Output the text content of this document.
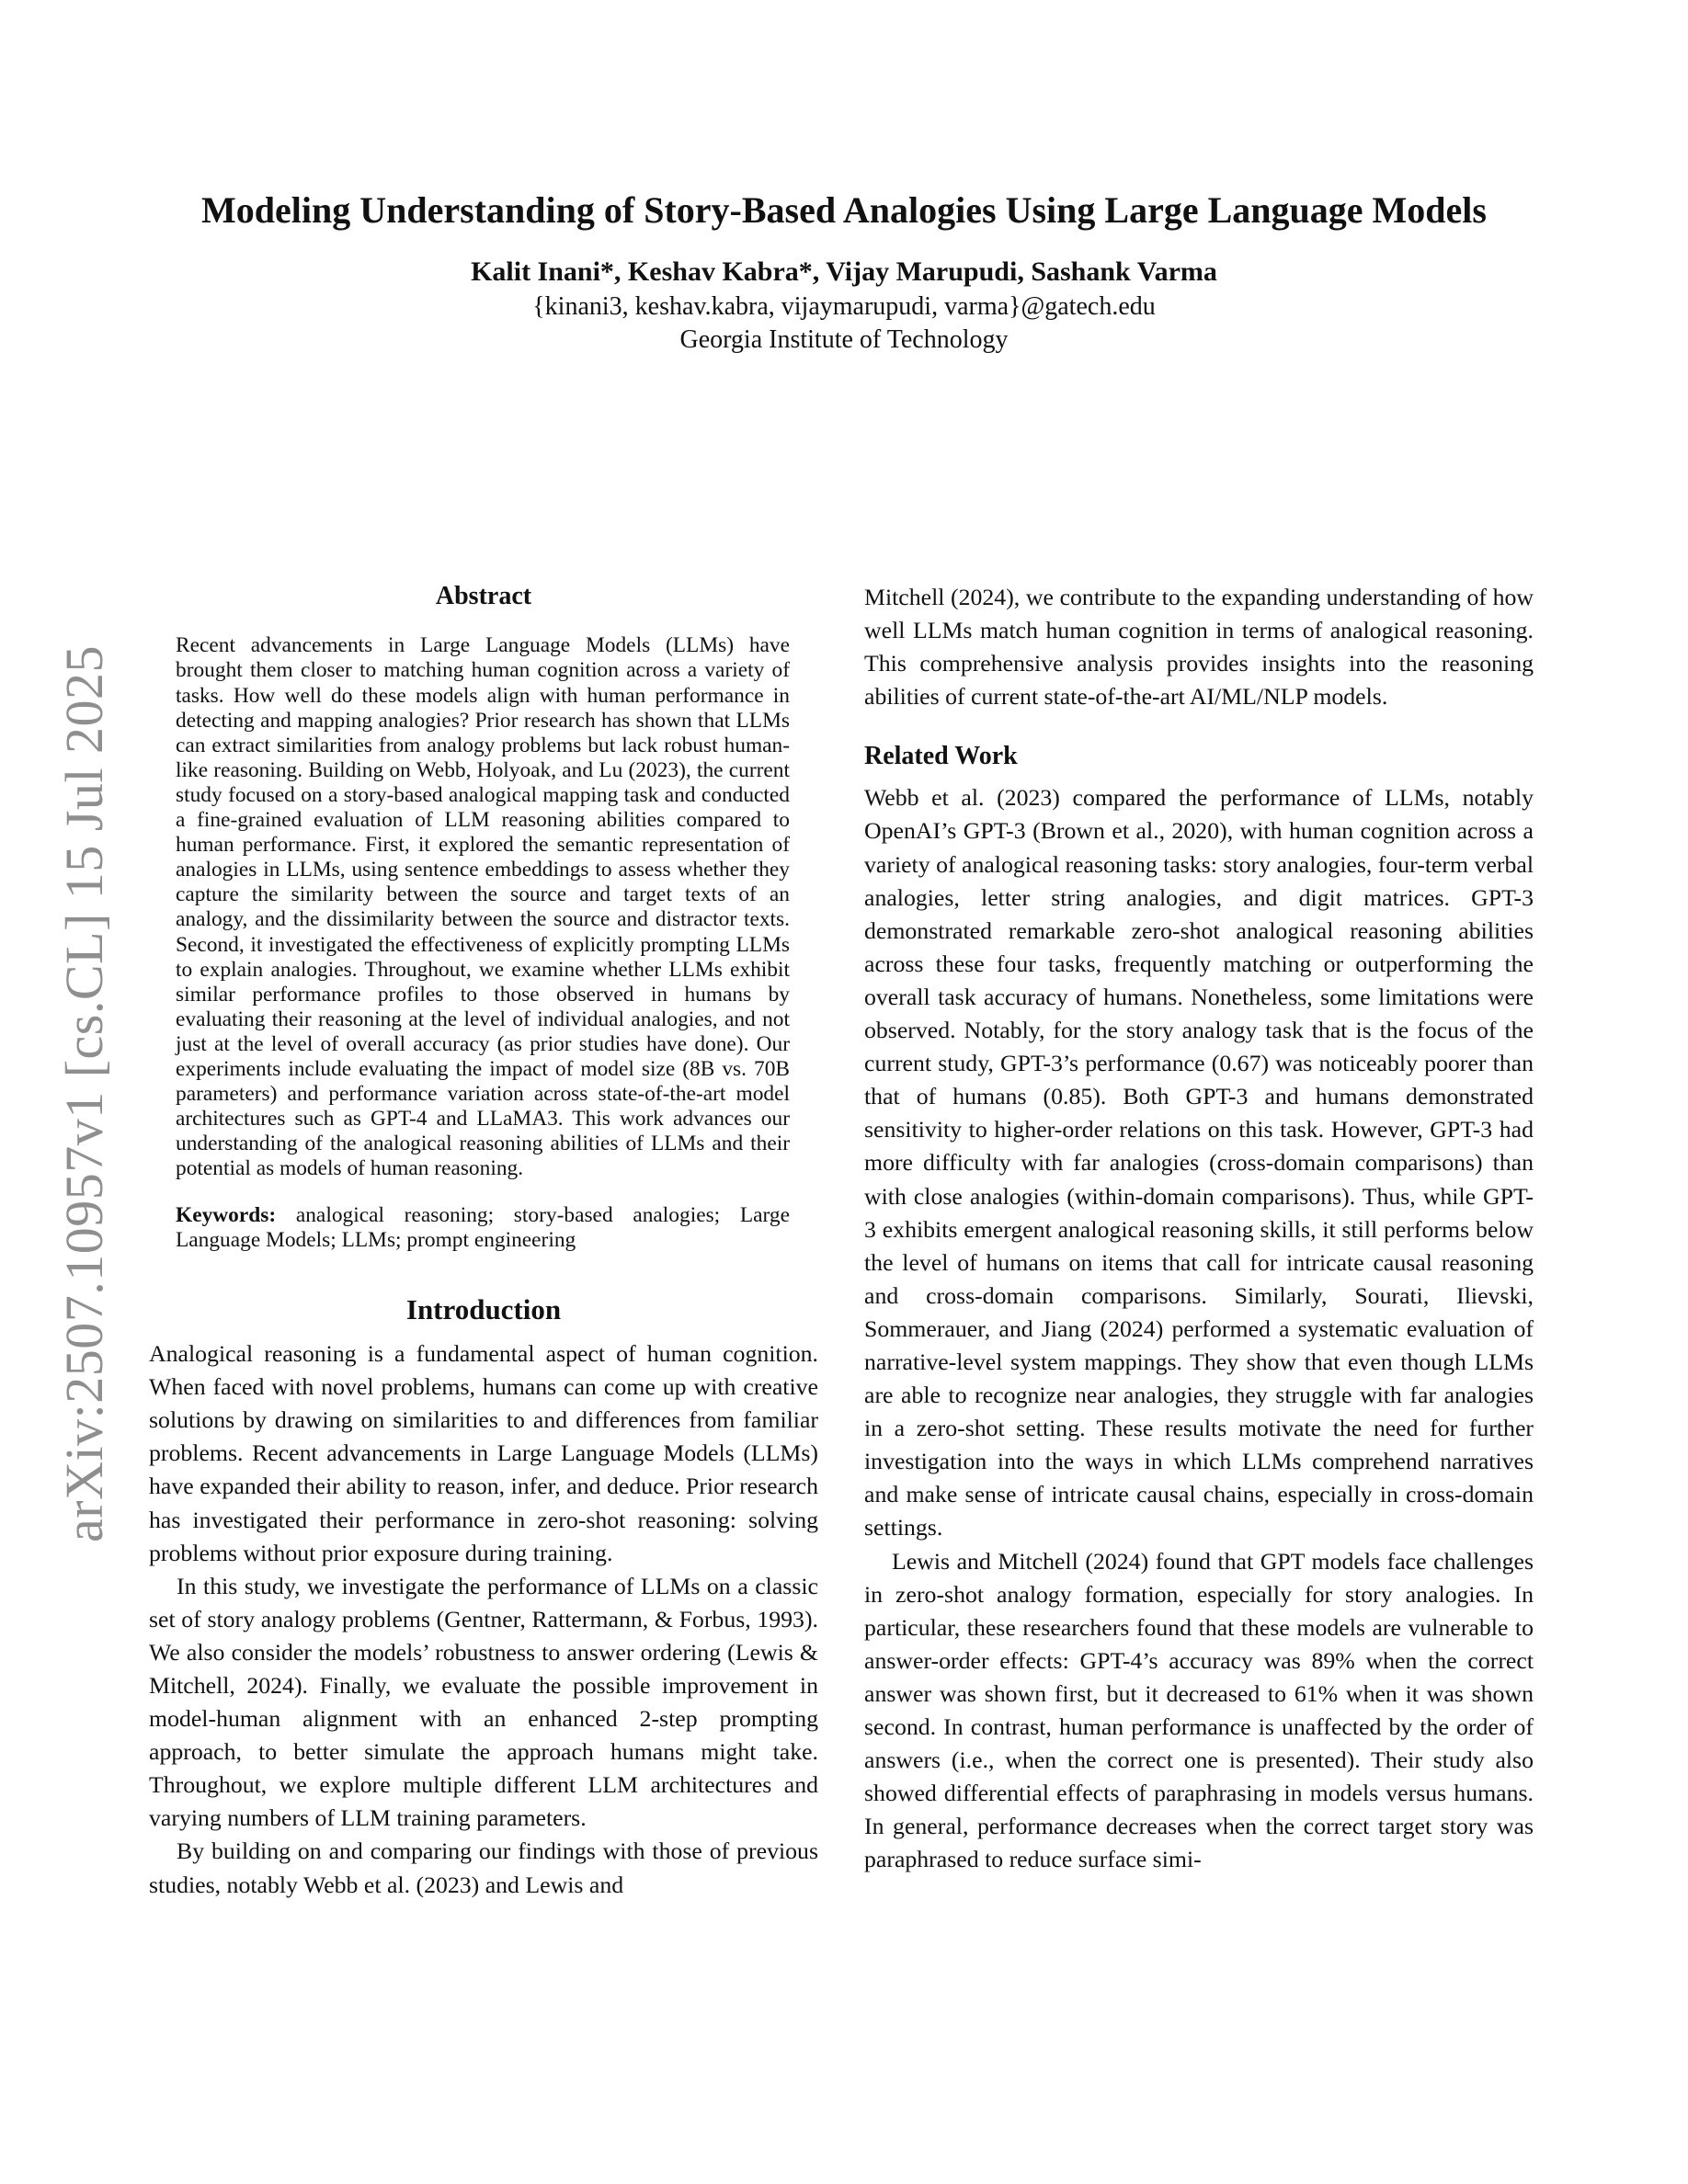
arXiv:2507.10957v1 [cs.CL] 15 Jul 2025
Modeling Understanding of Story-Based Analogies Using Large Language Models
Kalit Inani*, Keshav Kabra*, Vijay Marupudi, Sashank Varma
{kinani3, keshav.kabra, vijaymarupudi, varma}@gatech.edu
Georgia Institute of Technology
Abstract

Recent advancements in Large Language Models (LLMs) have brought them closer to matching human cognition across a variety of tasks. How well do these models align with human performance in detecting and mapping analogies? Prior research has shown that LLMs can extract similarities from analogy problems but lack robust human-like reasoning. Building on Webb, Holyoak, and Lu (2023), the current study focused on a story-based analogical mapping task and conducted a fine-grained evaluation of LLM reasoning abilities compared to human performance. First, it explored the semantic representation of analogies in LLMs, using sentence embeddings to assess whether they capture the similarity between the source and target texts of an analogy, and the dissimilarity between the source and distractor texts. Second, it investigated the effectiveness of explicitly prompting LLMs to explain analogies. Throughout, we examine whether LLMs exhibit similar performance profiles to those observed in humans by evaluating their reasoning at the level of individual analogies, and not just at the level of overall accuracy (as prior studies have done). Our experiments include evaluating the impact of model size (8B vs. 70B parameters) and performance variation across state-of-the-art model architectures such as GPT-4 and LLaMA3. This work advances our understanding of the analogical reasoning abilities of LLMs and their potential as models of human reasoning.

Keywords: analogical reasoning; story-based analogies; Large Language Models; LLMs; prompt engineering

Introduction

Analogical reasoning is a fundamental aspect of human cognition. When faced with novel problems, humans can come up with creative solutions by drawing on similarities to and differences from familiar problems. Recent advancements in Large Language Models (LLMs) have expanded their ability to reason, infer, and deduce. Prior research has investigated their performance in zero-shot reasoning: solving problems without prior exposure during training.

In this study, we investigate the performance of LLMs on a classic set of story analogy problems (Gentner, Rattermann, & Forbus, 1993). We also consider the models’ robustness to answer ordering (Lewis & Mitchell, 2024). Finally, we evaluate the possible improvement in model-human alignment with an enhanced 2-step prompting approach, to better simulate the approach humans might take. Throughout, we explore multiple different LLM architectures and varying numbers of LLM training parameters.

By building on and comparing our findings with those of previous studies, notably Webb et al. (2023) and Lewis and

Mitchell (2024), we contribute to the expanding understanding of how well LLMs match human cognition in terms of analogical reasoning. This comprehensive analysis provides insights into the reasoning abilities of current state-of-the-art AI/ML/NLP models.

Related Work

Webb et al. (2023) compared the performance of LLMs, notably OpenAI’s GPT-3 (Brown et al., 2020), with human cognition across a variety of analogical reasoning tasks: story analogies, four-term verbal analogies, letter string analogies, and digit matrices. GPT-3 demonstrated remarkable zero-shot analogical reasoning abilities across these four tasks, frequently matching or outperforming the overall task accuracy of humans. Nonetheless, some limitations were observed. Notably, for the story analogy task that is the focus of the current study, GPT-3’s performance (0.67) was noticeably poorer than that of humans (0.85). Both GPT-3 and humans demonstrated sensitivity to higher-order relations on this task. However, GPT-3 had more difficulty with far analogies (cross-domain comparisons) than with close analogies (within-domain comparisons). Thus, while GPT-3 exhibits emergent analogical reasoning skills, it still performs below the level of humans on items that call for intricate causal reasoning and cross-domain comparisons. Similarly, Sourati, Ilievski, Sommerauer, and Jiang (2024) performed a systematic evaluation of narrative-level system mappings. They show that even though LLMs are able to recognize near analogies, they struggle with far analogies in a zero-shot setting. These results motivate the need for further investigation into the ways in which LLMs comprehend narratives and make sense of intricate causal chains, especially in cross-domain settings.

Lewis and Mitchell (2024) found that GPT models face challenges in zero-shot analogy formation, especially for story analogies. In particular, these researchers found that these models are vulnerable to answer-order effects: GPT-4’s accuracy was 89% when the correct answer was shown first, but it decreased to 61% when it was shown second. In contrast, human performance is unaffected by the order of answers (i.e., when the correct one is presented). Their study also showed differential effects of paraphrasing in models versus humans. In general, performance decreases when the correct target story was paraphrased to reduce surface simi-
